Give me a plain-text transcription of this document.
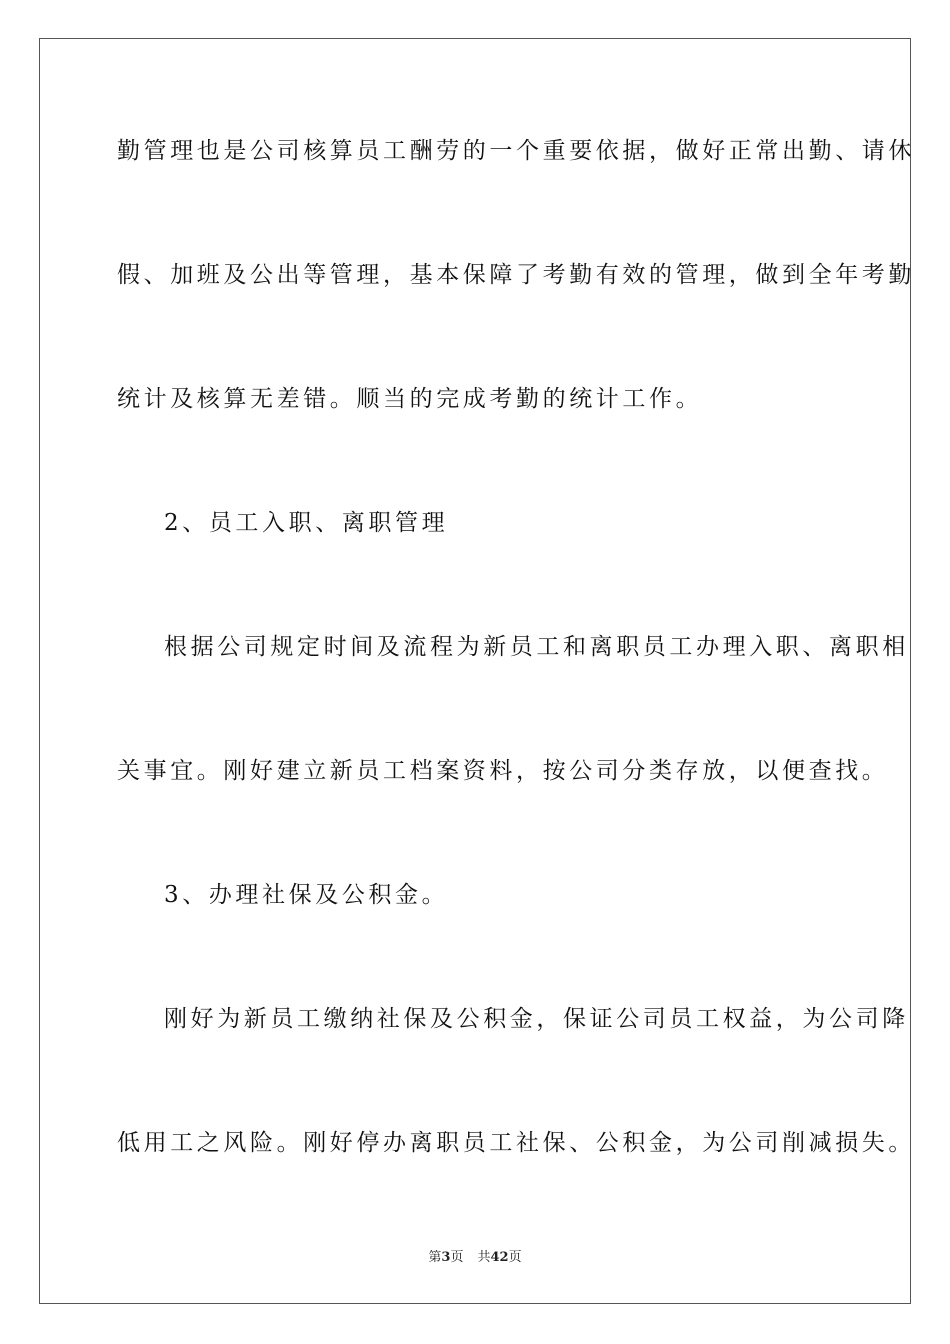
勤管理也是公司核算员工酬劳的一个重要依据，做好正常出勤、请休
假、加班及公出等管理，基本保障了考勤有效的管理，做到全年考勤
统计及核算无差错。顺当的完成考勤的统计工作。
2、员工入职、离职管理
根据公司规定时间及流程为新员工和离职员工办理入职、离职相
关事宜。刚好建立新员工档案资料，按公司分类存放，以便查找。
3、办理社保及公积金。
刚好为新员工缴纳社保及公积金，保证公司员工权益，为公司降
低用工之风险。刚好停办离职员工社保、公积金，为公司削减损失。
第3页 共42页
